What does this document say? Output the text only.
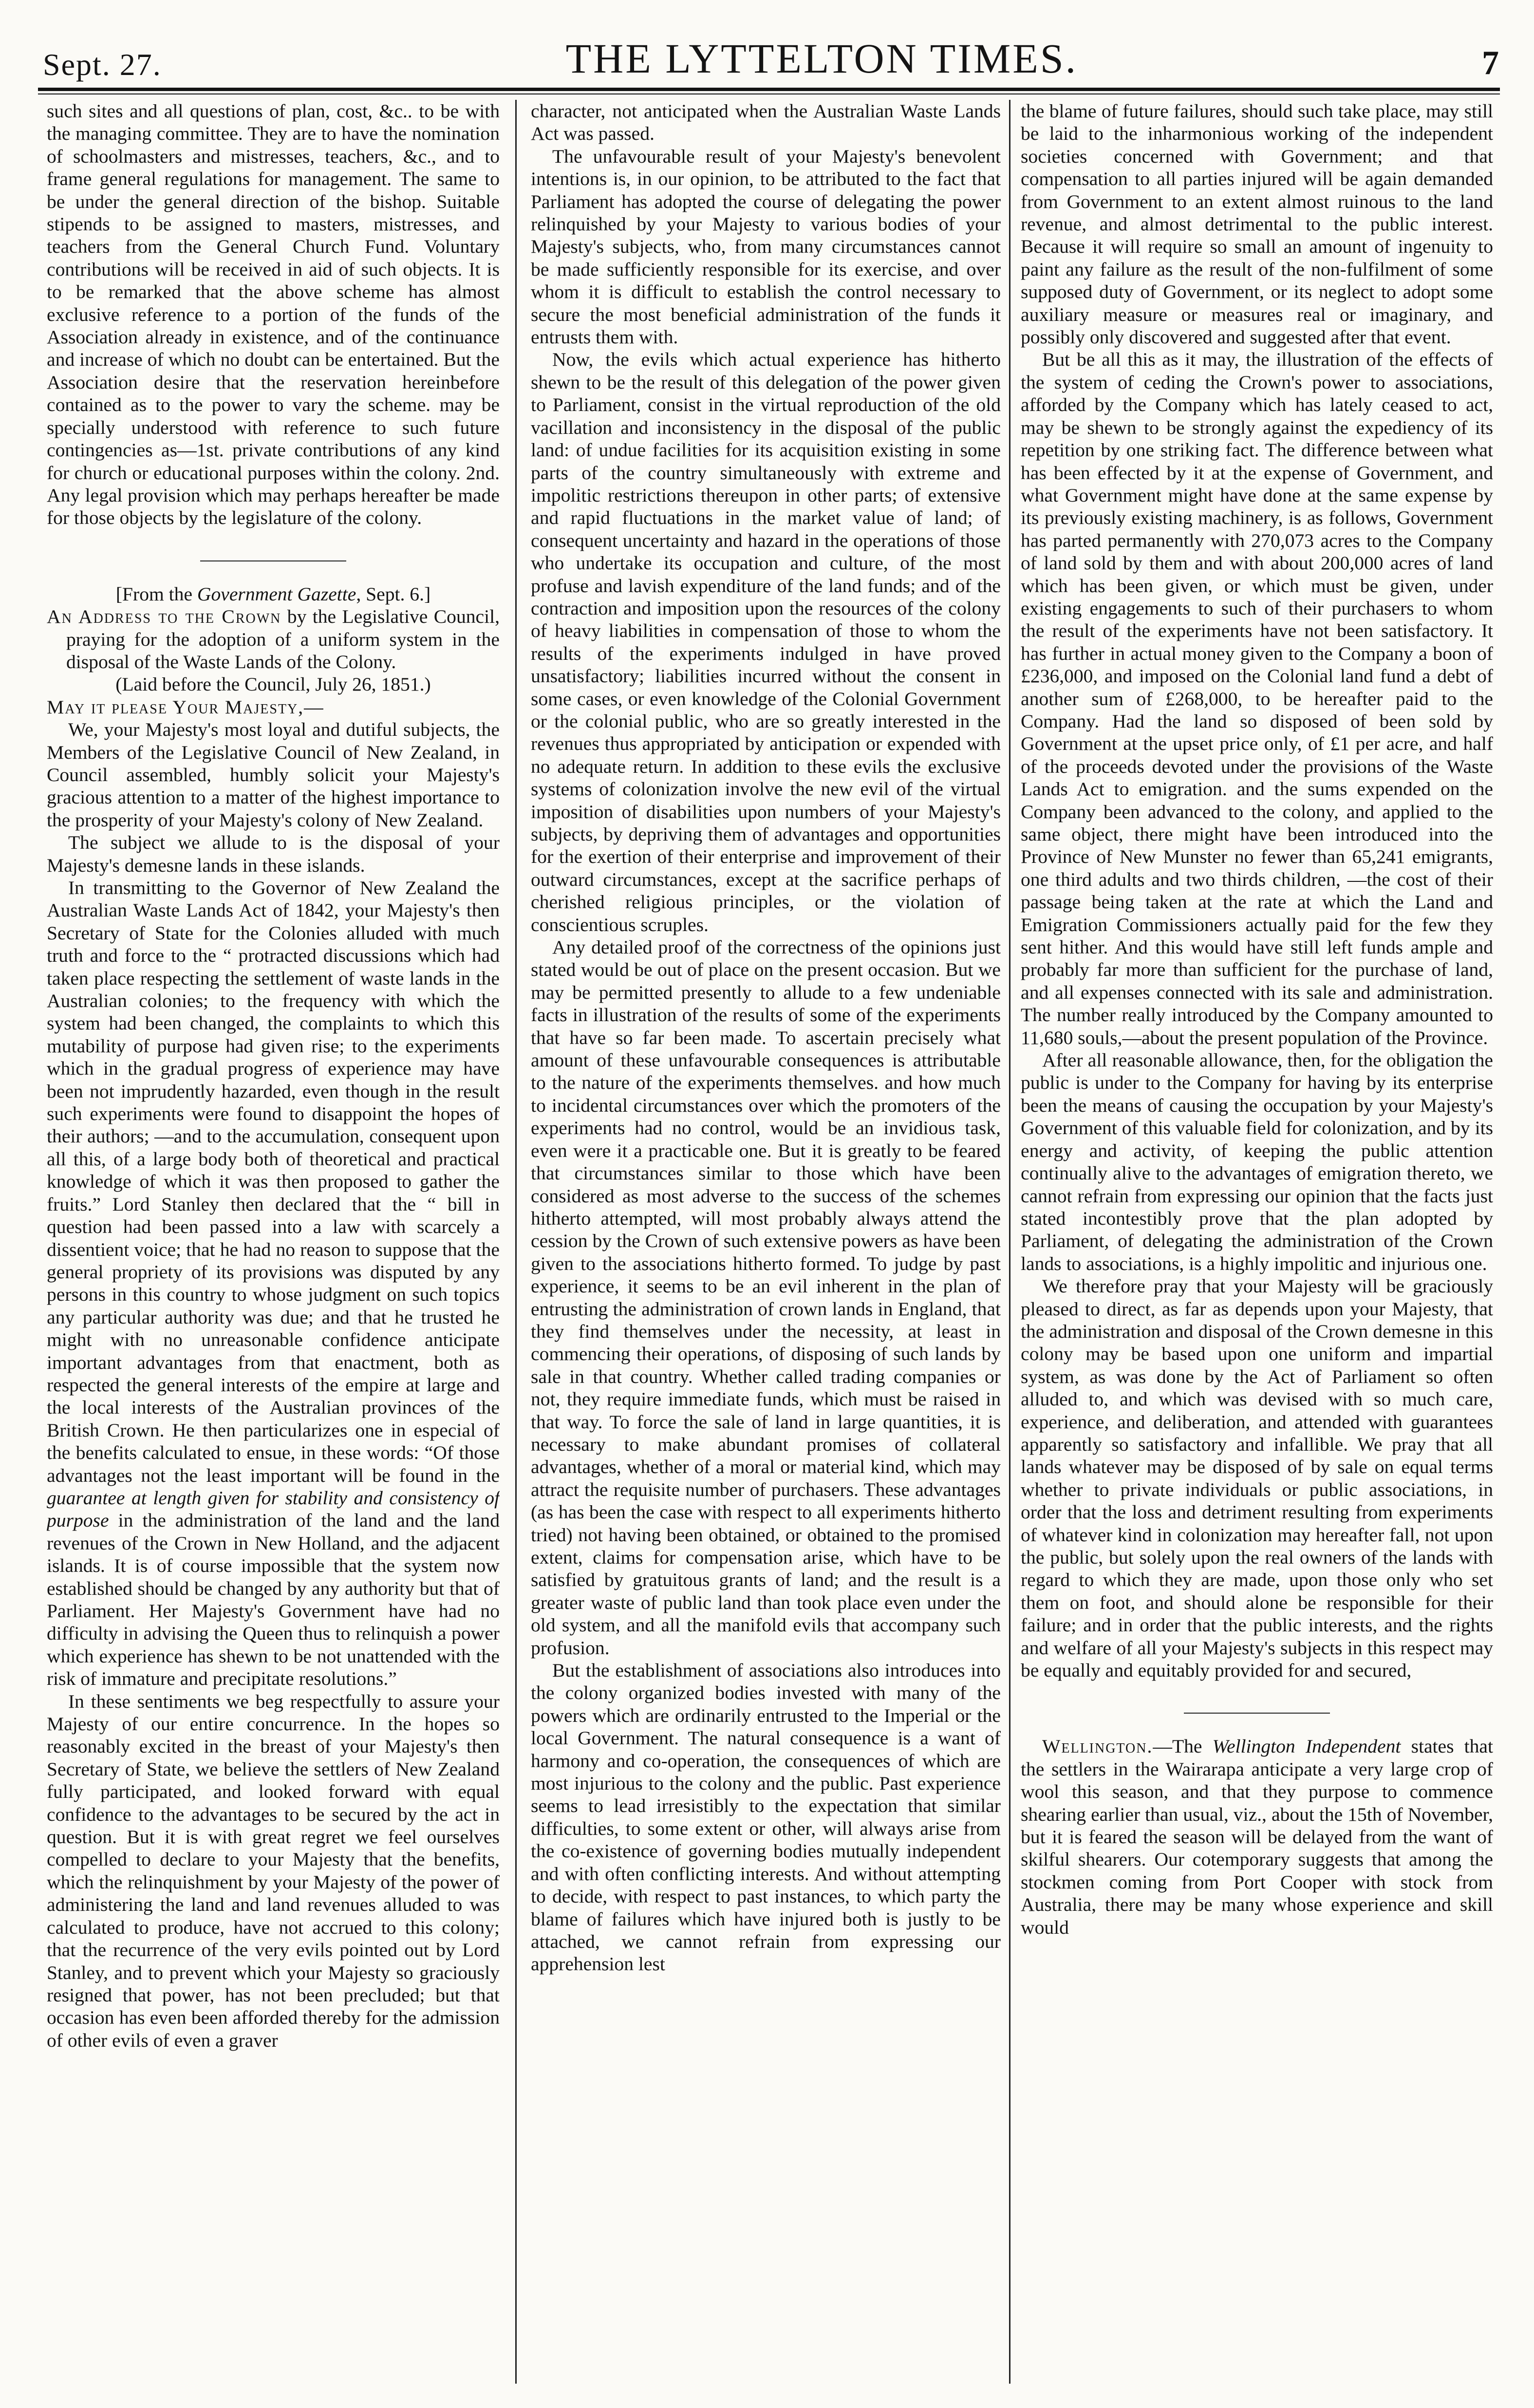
Sept. 27.	THE LYTTELTON TIMES.	7

such sites and all questions of plan, cost, &c.. to be with the managing committee. They are to have the nomination of schoolmasters and mistresses, teachers, &c., and to frame general regulations for management. The same to be under the general direction of the bishop. Suitable stipends to be assigned to masters, mistresses, and teachers from the General Church Fund. Voluntary contributions will be received in aid of such objects. It is to be remarked that the above scheme has almost exclusive reference to a portion of the funds of the Association already in existence, and of the continuance and increase of which no doubt can be entertained. But the Association desire that the reservation hereinbefore contained as to the power to vary the scheme. may be specially understood with reference to such future contingencies as—1st. private contributions of any kind for church or educational purposes within the colony. 2nd. Any legal provision which may perhaps hereafter be made for those objects by the legislature of the colony.

[From the Government Gazette, Sept. 6.]

An Address to the Crown by the Legislative Council, praying for the adoption of a uniform system in the disposal of the Waste Lands of the Colony.

(Laid before the Council, July 26, 1851.)

May it please Your Majesty,—

We, your Majesty's most loyal and dutiful subjects, the Members of the Legislative Council of New Zealand, in Council assembled, humbly solicit your Majesty's gracious attention to a matter of the highest importance to the prosperity of your Majesty's colony of New Zealand.

The subject we allude to is the disposal of your Majesty's demesne lands in these islands.

In transmitting to the Governor of New Zealand the Australian Waste Lands Act of 1842, your Majesty's then Secretary of State for the Colonies alluded with much truth and force to the “ protracted discussions which had taken place respecting the settlement of waste lands in the Australian colonies; to the frequency with which the system had been changed, the complaints to which this mutability of purpose had given rise; to the experiments which in the gradual progress of experience may have been not imprudently hazarded, even though in the result such experiments were found to disappoint the hopes of their authors; —and to the accumulation, consequent upon all this, of a large body both of theoretical and practical knowledge of which it was then proposed to gather the fruits.” Lord Stanley then declared that the “ bill in question had been passed into a law with scarcely a dissentient voice; that he had no reason to suppose that the general propriety of its provisions was disputed by any persons in this country to whose judgment on such topics any particular authority was due; and that he trusted he might with no unreasonable confidence anticipate important advantages from that enactment, both as respected the general interests of the empire at large and the local interests of the Australian provinces of the British Crown. He then particularizes one in especial of the benefits calculated to ensue, in these words: “Of those advantages not the least important will be found in the guarantee at length given for stability and consistency of purpose in the administration of the land and the land revenues of the Crown in New Holland, and the adjacent islands. It is of course impossible that the system now established should be changed by any authority but that of Parliament. Her Majesty's Government have had no difficulty in advising the Queen thus to relinquish a power which experience has shewn to be not unattended with the risk of immature and precipitate resolutions.”

In these sentiments we beg respectfully to assure your Majesty of our entire concurrence. In the hopes so reasonably excited in the breast of your Majesty's then Secretary of State, we believe the settlers of New Zealand fully participated, and looked forward with equal confidence to the advantages to be secured by the act in question. But it is with great regret we feel ourselves compelled to declare to your Majesty that the benefits, which the relinquishment by your Majesty of the power of administering the land and land revenues alluded to was calculated to produce, have not accrued to this colony; that the recurrence of the very evils pointed out by Lord Stanley, and to prevent which your Majesty so graciously resigned that power, has not been precluded; but that occasion has even been afforded thereby for the admission of other evils of even a graver

character, not anticipated when the Australian Waste Lands Act was passed.

The unfavourable result of your Majesty's benevolent intentions is, in our opinion, to be attributed to the fact that Parliament has adopted the course of delegating the power relinquished by your Majesty to various bodies of your Majesty's subjects, who, from many circumstances cannot be made sufficiently responsible for its exercise, and over whom it is difficult to establish the control necessary to secure the most beneficial administration of the funds it entrusts them with.

Now, the evils which actual experience has hitherto shewn to be the result of this delegation of the power given to Parliament, consist in the virtual reproduction of the old vacillation and inconsistency in the disposal of the public land: of undue facilities for its acquisition existing in some parts of the country simultaneously with extreme and impolitic restrictions thereupon in other parts; of extensive and rapid fluctuations in the market value of land; of consequent uncertainty and hazard in the operations of those who undertake its occupation and culture, of the most profuse and lavish expenditure of the land funds; and of the contraction and imposition upon the resources of the colony of heavy liabilities in compensation of those to whom the results of the experiments indulged in have proved unsatisfactory; liabilities incurred without the consent in some cases, or even knowledge of the Colonial Government or the colonial public, who are so greatly interested in the revenues thus appropriated by anticipation or expended with no adequate return. In addition to these evils the exclusive systems of colonization involve the new evil of the virtual imposition of disabilities upon numbers of your Majesty's subjects, by depriving them of advantages and opportunities for the exertion of their enterprise and improvement of their outward circumstances, except at the sacrifice perhaps of cherished religious principles, or the violation of conscientious scruples.

Any detailed proof of the correctness of the opinions just stated would be out of place on the present occasion. But we may be permitted presently to allude to a few undeniable facts in illustration of the results of some of the experiments that have so far been made. To ascertain precisely what amount of these unfavourable consequences is attributable to the nature of the experiments themselves. and how much to incidental circumstances over which the promoters of the experiments had no control, would be an invidious task, even were it a practicable one. But it is greatly to be feared that circumstances similar to those which have been considered as most adverse to the success of the schemes hitherto attempted, will most probably always attend the cession by the Crown of such extensive powers as have been given to the associations hitherto formed. To judge by past experience, it seems to be an evil inherent in the plan of entrusting the administration of crown lands in England, that they find themselves under the necessity, at least in commencing their operations, of disposing of such lands by sale in that country. Whether called trading companies or not, they require immediate funds, which must be raised in that way. To force the sale of land in large quantities, it is necessary to make abundant promises of collateral advantages, whether of a moral or material kind, which may attract the requisite number of purchasers. These advantages (as has been the case with respect to all experiments hitherto tried) not having been obtained, or obtained to the promised extent, claims for compensation arise, which have to be satisfied by gratuitous grants of land; and the result is a greater waste of public land than took place even under the old system, and all the manifold evils that accompany such profusion.

But the establishment of associations also introduces into the colony organized bodies invested with many of the powers which are ordinarily entrusted to the Imperial or the local Government. The natural consequence is a want of harmony and co-operation, the consequences of which are most injurious to the colony and the public. Past experience seems to lead irresistibly to the expectation that similar difficulties, to some extent or other, will always arise from the co-existence of governing bodies mutually independent and with often conflicting interests. And without attempting to decide, with respect to past instances, to which party the blame of failures which have injured both is justly to be attached, we cannot refrain from expressing our apprehension lest

the blame of future failures, should such take place, may still be laid to the inharmonious working of the independent societies concerned with Government; and that compensation to all parties injured will be again demanded from Government to an extent almost ruinous to the land revenue, and almost detrimental to the public interest. Because it will require so small an amount of ingenuity to paint any failure as the result of the non-fulfilment of some supposed duty of Government, or its neglect to adopt some auxiliary measure or measures real or imaginary, and possibly only discovered and suggested after that event.

But be all this as it may, the illustration of the effects of the system of ceding the Crown's power to associations, afforded by the Company which has lately ceased to act, may be shewn to be strongly against the expediency of its repetition by one striking fact. The difference between what has been effected by it at the expense of Government, and what Government might have done at the same expense by its previously existing machinery, is as follows, Government has parted permanently with 270,073 acres to the Company of land sold by them and with about 200,000 acres of land which has been given, or which must be given, under existing engagements to such of their purchasers to whom the result of the experiments have not been satisfactory. It has further in actual money given to the Company a boon of £236,000, and imposed on the Colonial land fund a debt of another sum of £268,000, to be hereafter paid to the Company. Had the land so disposed of been sold by Government at the upset price only, of £1 per acre, and half of the proceeds devoted under the provisions of the Waste Lands Act to emigration. and the sums expended on the Company been advanced to the colony, and applied to the same object, there might have been introduced into the Province of New Munster no fewer than 65,241 emigrants, one third adults and two thirds children, —the cost of their passage being taken at the rate at which the Land and Emigration Commissioners actually paid for the few they sent hither. And this would have still left funds ample and probably far more than sufficient for the purchase of land, and all expenses connected with its sale and administration. The number really introduced by the Company amounted to 11,680 souls,—about the present population of the Province.

After all reasonable allowance, then, for the obligation the public is under to the Company for having by its enterprise been the means of causing the occupation by your Majesty's Government of this valuable field for colonization, and by its energy and activity, of keeping the public attention continually alive to the advantages of emigration thereto, we cannot refrain from expressing our opinion that the facts just stated incontestibly prove that the plan adopted by Parliament, of delegating the administration of the Crown lands to associations, is a highly impolitic and injurious one.

We therefore pray that your Majesty will be graciously pleased to direct, as far as depends upon your Majesty, that the administration and disposal of the Crown demesne in this colony may be based upon one uniform and impartial system, as was done by the Act of Parliament so often alluded to, and which was devised with so much care, experience, and deliberation, and attended with guarantees apparently so satisfactory and infallible. We pray that all lands whatever may be disposed of by sale on equal terms whether to private individuals or public associations, in order that the loss and detriment resulting from experiments of whatever kind in colonization may hereafter fall, not upon the public, but solely upon the real owners of the lands with regard to which they are made, upon those only who set them on foot, and should alone be responsible for their failure; and in order that the public interests, and the rights and welfare of all your Majesty's subjects in this respect may be equally and equitably provided for and secured,

Wellington.—The Wellington Independent states that the settlers in the Wairarapa anticipate a very large crop of wool this season, and that they purpose to commence shearing earlier than usual, viz., about the 15th of November, but it is feared the season will be delayed from the want of skilful shearers. Our cotemporary suggests that among the stockmen coming from Port Cooper with stock from Australia, there may be many whose experience and skill would
